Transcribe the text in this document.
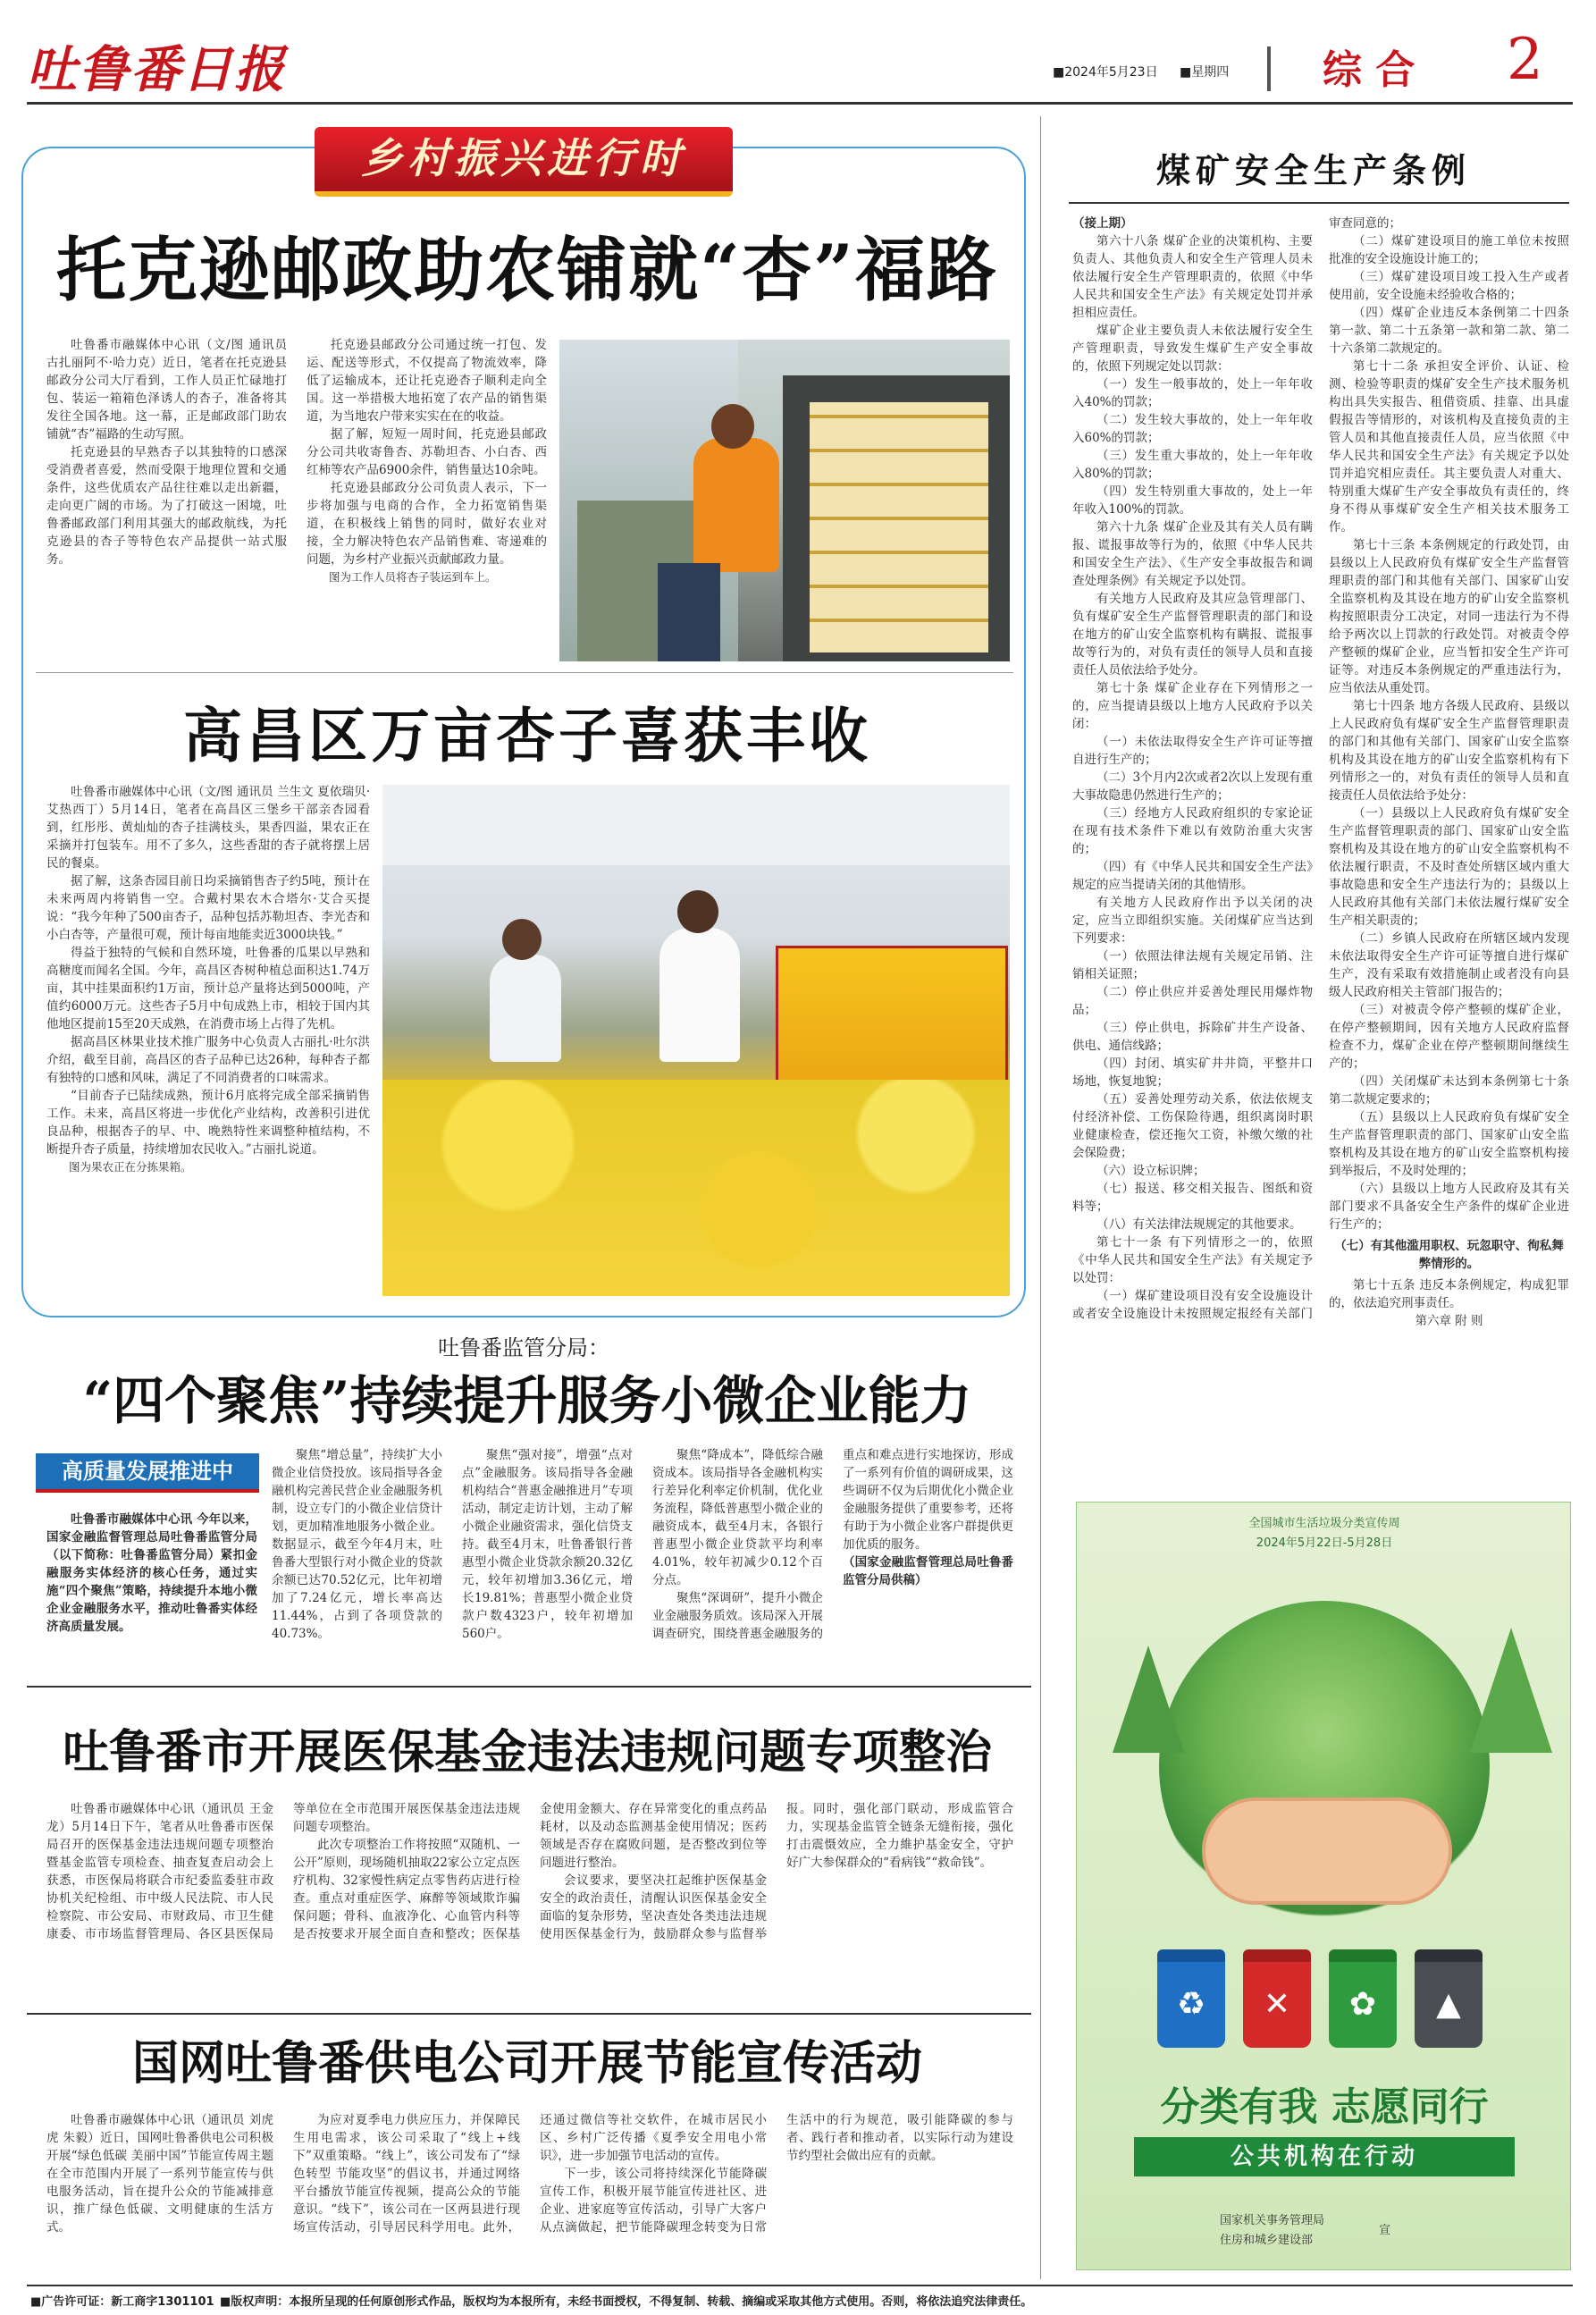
吐鲁番日报	■2024年5月23日 ■星期四 综 合 2
乡村振兴进行时
托克逊邮政助农铺就“杏”福路

吐鲁番市融媒体中心讯（文/图 通讯员 古扎丽阿不·哈力克）近日，笔者在托克逊县邮政分公司大厅看到，工作人员正忙碌地打包、装运一箱箱色泽诱人的杏子，准备将其发往全国各地。这一幕，正是邮政部门助农铺就“杏”福路的生动写照。

托克逊县的早熟杏子以其独特的口感深受消费者喜爱，然而受限于地理位置和交通条件，这些优质农产品往往难以走出新疆，走向更广阔的市场。为了打破这一困境，吐鲁番邮政部门利用其强大的邮政航线，为托克逊县的杏子等特色农产品提供一站式服务。

托克逊县邮政分公司通过统一打包、发运、配送等形式，不仅提高了物流效率，降低了运输成本，还让托克逊杏子顺利走向全国。这一举措极大地拓宽了农产品的销售渠道，为当地农户带来实实在在的收益。

据了解，短短一周时间，托克逊县邮政分公司共收寄鲁杏、苏勒坦杏、小白杏、西红柿等农产品6900余件，销售量达10余吨。

托克逊县邮政分公司负责人表示，下一步将加强与电商的合作，全力拓宽销售渠道，在积极线上销售的同时，做好农业对接，全力解决特色农产品销售难、寄递难的问题，为乡村产业振兴贡献邮政力量。

图为工作人员将杏子装运到车上。

高昌区万亩杏子喜获丰收

吐鲁番市融媒体中心讯（文/图 通讯员 兰生文 夏依瑞贝·艾热西丁）5月14日，笔者在高昌区三堡乡干部亲杏园看到，红彤彤、黄灿灿的杏子挂满枝头，果香四溢，果农正在采摘并打包装车。用不了多久，这些香甜的杏子就将摆上居民的餐桌。

据了解，这条杏园目前日均采摘销售杏子约5吨，预计在未来两周内将销售一空。合戴村果农木合塔尔·艾合买提说：“我今年种了500亩杏子，品种包括苏勒坦杏、李光杏和小白杏等，产量很可观，预计每亩地能卖近3000块钱。”

得益于独特的气候和自然环境，吐鲁番的瓜果以早熟和高糖度而闻名全国。今年，高昌区杏树种植总面积达1.74万亩，其中挂果面积约1万亩，预计总产量将达到5000吨，产值约6000万元。这些杏子5月中旬成熟上市，相较于国内其他地区提前15至20天成熟，在消费市场上占得了先机。

据高昌区林果业技术推广服务中心负责人古丽扎·吐尔洪介绍，截至目前，高昌区的杏子品种已达26种，每种杏子都有独特的口感和风味，满足了不同消费者的口味需求。

“目前杏子已陆续成熟，预计6月底将完成全部采摘销售工作。未来，高昌区将进一步优化产业结构，改善积引进优良品种，根据杏子的早、中、晚熟特性来调整种植结构，不断提升杏子质量，持续增加农民收入。”古丽扎说道。

图为果农正在分拣果箱。

吐鲁番监管分局：
“四个聚焦”持续提升服务小微企业能力
高质量发展推进中

吐鲁番市融媒体中心讯 今年以来，国家金融监督管理总局吐鲁番监管分局（以下简称：吐鲁番监管分局）紧扣金融服务实体经济的核心任务，通过实施“四个聚焦”策略，持续提升本地小微企业金融服务水平，推动吐鲁番实体经济高质量发展。

聚焦“增总量”，持续扩大小微企业信贷投放。该局指导各金融机构完善民营企业金融服务机制，设立专门的小微企业信贷计划，更加精准地服务小微企业。数据显示，截至今年4月末，吐鲁番大型银行对小微企业的贷款余额已达70.52亿元，比年初增加了7.24亿元，增长率高达11.44%，占到了各项贷款的40.73%。

聚焦“强对接”，增强“点对点”金融服务。该局指导各金融机构结合“普惠金融推进月”专项活动，制定走访计划，主动了解小微企业融资需求，强化信贷支持。截至4月末，吐鲁番银行普惠型小微企业贷款余额20.32亿元，较年初增加3.36亿元，增长19.81%；普惠型小微企业贷款户数4323户，较年初增加560户。

聚焦“降成本”，降低综合融资成本。该局指导各金融机构实行差异化利率定价机制，优化业务流程，降低普惠型小微企业的融资成本，截至4月末，各银行普惠型小微企业贷款平均利率4.01%，较年初减少0.12个百分点。

聚焦“深调研”，提升小微企业金融服务质效。该局深入开展调查研究，围绕普惠金融服务的重点和难点进行实地探访，形成了一系列有价值的调研成果，这些调研不仅为后期优化小微企业金融服务提供了重要参考，还将有助于为小微企业客户群提供更加优质的服务。

（国家金融监督管理总局吐鲁番监管分局供稿）

吐鲁番市开展医保基金违法违规问题专项整治

吐鲁番市融媒体中心讯（通讯员 王金龙）5月14日下午，笔者从吐鲁番市医保局召开的医保基金违法违规问题专项整治暨基金监管专项检查、抽查复查启动会上获悉，市医保局将联合市纪委监委驻市政协机关纪检组、市中级人民法院、市人民检察院、市公安局、市财政局、市卫生健康委、市市场监督管理局、各区县医保局等单位在全市范围开展医保基金违法违规问题专项整治。

此次专项整治工作将按照“双随机、一公开”原则，现场随机抽取22家公立定点医疗机构、32家慢性病定点零售药店进行检查。重点对重症医学、麻醉等领域欺诈骗保问题；骨科、血液净化、心血管内科等是否按要求开展全面自查和整改；医保基金使用金额大、存在异常变化的重点药品耗材，以及动态监测基金使用情况；医药领域是否存在腐败问题，是否整改到位等问题进行整治。

会议要求，要坚决扛起维护医保基金安全的政治责任，清醒认识医保基金安全面临的复杂形势，坚决查处各类违法违规使用医保基金行为，鼓励群众参与监督举报。同时，强化部门联动，形成监管合力，实现基金监管全链条无缝衔接，强化打击震慑效应，全力維护基金安全，守护好广大参保群众的“看病钱”“救命钱”。

国网吐鲁番供电公司开展节能宣传活动

吐鲁番市融媒体中心讯（通讯员 刘虎虎 朱毅）近日，国网吐鲁番供电公司积极开展“绿色低碳 美丽中国”节能宣传周主题在全市范围内开展了一系列节能宣传与供电服务活动，旨在提升公众的节能减排意识，推广绿色低碳、文明健康的生活方式。

为应对夏季电力供应压力，并保障民生用电需求，该公司采取了“线上+线下”双重策略。“线上”，该公司发布了“绿色转型 节能攻坚”的倡议书，并通过网络平台播放节能宣传视频，提高公众的节能意识。“线下”，该公司在一区两县进行现场宣传活动，引导居民科学用电。此外，还通过微信等社交软件，在城市居民小区、乡村广泛传播《夏季安全用电小常识》，进一步加强节电活动的宣传。

下一步，该公司将持续深化节能降碳宣传工作，积极开展节能宣传进社区、进企业、进家庭等宣传活动，引导广大客户从点滴做起，把节能降碳理念转变为日常生活中的行为规范，吸引能降碳的参与者、践行者和推动者，以实际行动为建设节约型社会做出应有的贡献。

煤矿安全生产条例

（接上期）

第六十八条 煤矿企业的决策机构、主要负责人、其他负责人和安全生产管理人员未依法履行安全生产管理职责的，依照《中华人民共和国安全生产法》有关规定处罚并承担相应责任。

煤矿企业主要负责人未依法履行安全生产管理职责，导致发生煤矿生产安全事故的，依照下列规定处以罚款：

（一）发生一般事故的，处上一年年收入40%的罚款；

（二）发生较大事故的，处上一年年收入60%的罚款；

（三）发生重大事故的，处上一年年收入80%的罚款；

（四）发生特别重大事故的，处上一年年收入100%的罚款。

第六十九条 煤矿企业及其有关人员有瞒报、谎报事故等行为的，依照《中华人民共和国安全生产法》、《生产安全事故报告和调查处理条例》有关规定予以处罚。

有关地方人民政府及其应急管理部门、负有煤矿安全生产监督管理职责的部门和设在地方的矿山安全监察机构有瞒报、谎报事故等行为的，对负有责任的领导人员和直接责任人员依法给予处分。

第七十条 煤矿企业存在下列情形之一的，应当提请县级以上地方人民政府予以关闭：

（一）未依法取得安全生产许可证等擅自进行生产的；

（二）3个月内2次或者2次以上发现有重大事故隐患仍然进行生产的；

（三）经地方人民政府组织的专家论证在现有技术条件下难以有效防治重大灾害的；

（四）有《中华人民共和国安全生产法》规定的应当提请关闭的其他情形。

有关地方人民政府作出予以关闭的决定，应当立即组织实施。关闭煤矿应当达到下列要求：

（一）依照法律法规有关规定吊销、注销相关证照；

（二）停止供应并妥善处理民用爆炸物品；

（三）停止供电，拆除矿井生产设备、供电、通信线路；

（四）封闭、填实矿井井筒，平整井口场地，恢复地貌；

（五）妥善处理劳动关系，依法依规支付经济补偿、工伤保险待遇，组织离岗时职业健康检查，偿还拖欠工资，补缴欠缴的社会保险费；

（六）设立标识牌；

（七）报送、移交相关报告、图纸和资料等；

（八）有关法律法规规定的其他要求。

第七十一条 有下列情形之一的，依照《中华人民共和国安全生产法》有关规定予以处罚：

（一）煤矿建设项目没有安全设施设计或者安全设施设计未按照规定报经有关部门审查同意的；

（二）煤矿建设项目的施工单位未按照批准的安全设施设计施工的；

（三）煤矿建设项目竣工投入生产或者使用前，安全设施未经验收合格的；

（四）煤矿企业违反本条例第二十四条第一款、第二十五条第一款和第二款、第二十六条第二款规定的。

第七十二条 承担安全评价、认证、检测、检验等职责的煤矿安全生产技术服务机构出具失实报告、租借资质、挂靠、出具虚假报告等情形的，对该机构及直接负责的主管人员和其他直接责任人员，应当依照《中华人民共和国安全生产法》有关规定予以处罚并追究相应责任。其主要负责人对重大、特别重大煤矿生产安全事故负有责任的，终身不得从事煤矿安全生产相关技术服务工作。

第七十三条 本条例规定的行政处罚，由县级以上人民政府负有煤矿安全生产监督管理职责的部门和其他有关部门、国家矿山安全监察机构及其设在地方的矿山安全监察机构按照职责分工决定，对同一违法行为不得给予两次以上罚款的行政处罚。对被责令停产整顿的煤矿企业，应当暂扣安全生产许可证等。对违反本条例规定的严重违法行为，应当依法从重处罚。

第七十四条 地方各级人民政府、县级以上人民政府负有煤矿安全生产监督管理职责的部门和其他有关部门、国家矿山安全监察机构及其设在地方的矿山安全监察机构有下列情形之一的，对负有责任的领导人员和直接责任人员依法给予处分：

（一）县级以上人民政府负有煤矿安全生产监督管理职责的部门、国家矿山安全监察机构及其设在地方的矿山安全监察机构不依法履行职责，不及时查处所辖区域内重大事故隐患和安全生产违法行为的；县级以上人民政府其他有关部门未依法履行煤矿安全生产相关职责的；

（二）乡镇人民政府在所辖区域内发现未依法取得安全生产许可证等擅自进行煤矿生产，没有采取有效措施制止或者没有向县级人民政府相关主管部门报告的；

（三）对被责令停产整顿的煤矿企业，在停产整顿期间，因有关地方人民政府监督检查不力，煤矿企业在停产整顿期间继续生产的；

（四）关闭煤矿未达到本条例第七十条第二款规定要求的；

（五）县级以上人民政府负有煤矿安全生产监督管理职责的部门、国家矿山安全监察机构及其设在地方的矿山安全监察机构接到举报后，不及时处理的；

（六）县级以上地方人民政府及其有关部门要求不具备安全生产条件的煤矿企业进行生产的；

（七）有其他滥用职权、玩忽职守、徇私舞弊情形的。

第七十五条 违反本条例规定，构成犯罪的，依法追究刑事责任。

第六章 附 则

全国城市生活垃圾分类宣传周
2024年5月22日-5月28日
♻	✕	✿	▲
分类有我 志愿同行
公共机构在行动
国家机关事务管理局
住房和城乡建设部
宣
■广告许可证：新工商字1301101 ■版权声明：本报所呈现的任何原创形式作品，版权均为本报所有，未经书面授权，不得复制、转载、摘编或采取其他方式使用。否则，将依法追究法律责任。
